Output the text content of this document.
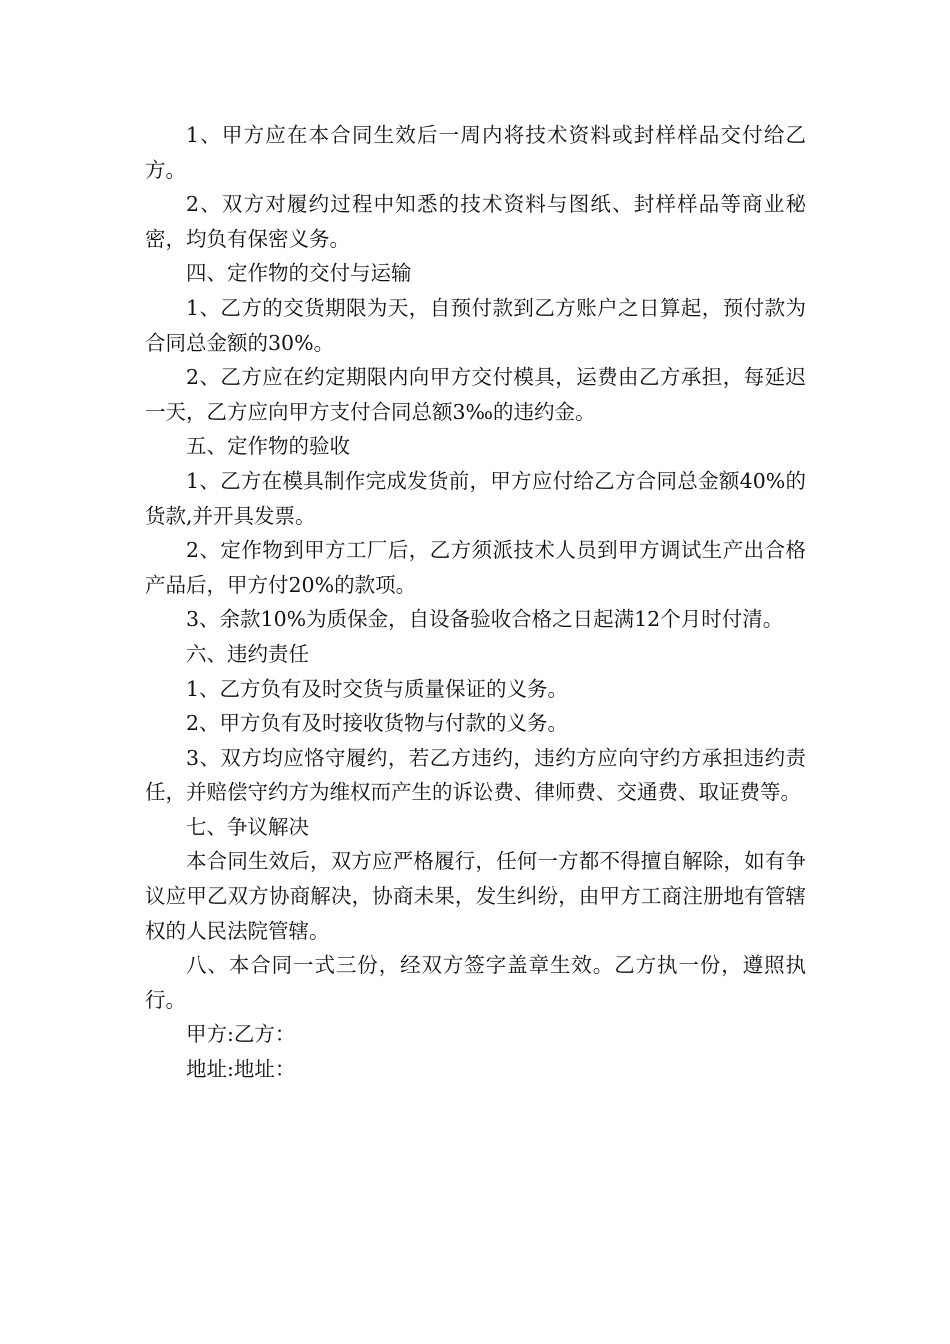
1、甲方应在本合同生效后一周内将技术资料或封样样品交付给乙方。

2、双方对履约过程中知悉的技术资料与图纸、封样样品等商业秘密，均负有保密义务。

四、定作物的交付与运输

1、乙方的交货期限为天，自预付款到乙方账户之日算起，预付款为合同总金额的30%。

2、乙方应在约定期限内向甲方交付模具，运费由乙方承担，每延迟一天，乙方应向甲方支付合同总额3‰的违约金。

五、定作物的验收

1、乙方在模具制作完成发货前，甲方应付给乙方合同总金额40%的货款,并开具发票。

2、定作物到甲方工厂后，乙方须派技术人员到甲方调试生产出合格产品后，甲方付20%的款项。

3、余款10%为质保金，自设备验收合格之日起满12个月时付清。

六、违约责任

1、乙方负有及时交货与质量保证的义务。

2、甲方负有及时接收货物与付款的义务。

3、双方均应恪守履约，若乙方违约，违约方应向守约方承担违约责任，并赔偿守约方为维权而产生的诉讼费、律师费、交通费、取证费等。

七、争议解决

本合同生效后，双方应严格履行，任何一方都不得擅自解除，如有争议应甲乙双方协商解决，协商未果，发生纠纷，由甲方工商注册地有管辖权的人民法院管辖。

八、本合同一式三份，经双方签字盖章生效。乙方执一份，遵照执行。

甲方:乙方：

地址:地址：
